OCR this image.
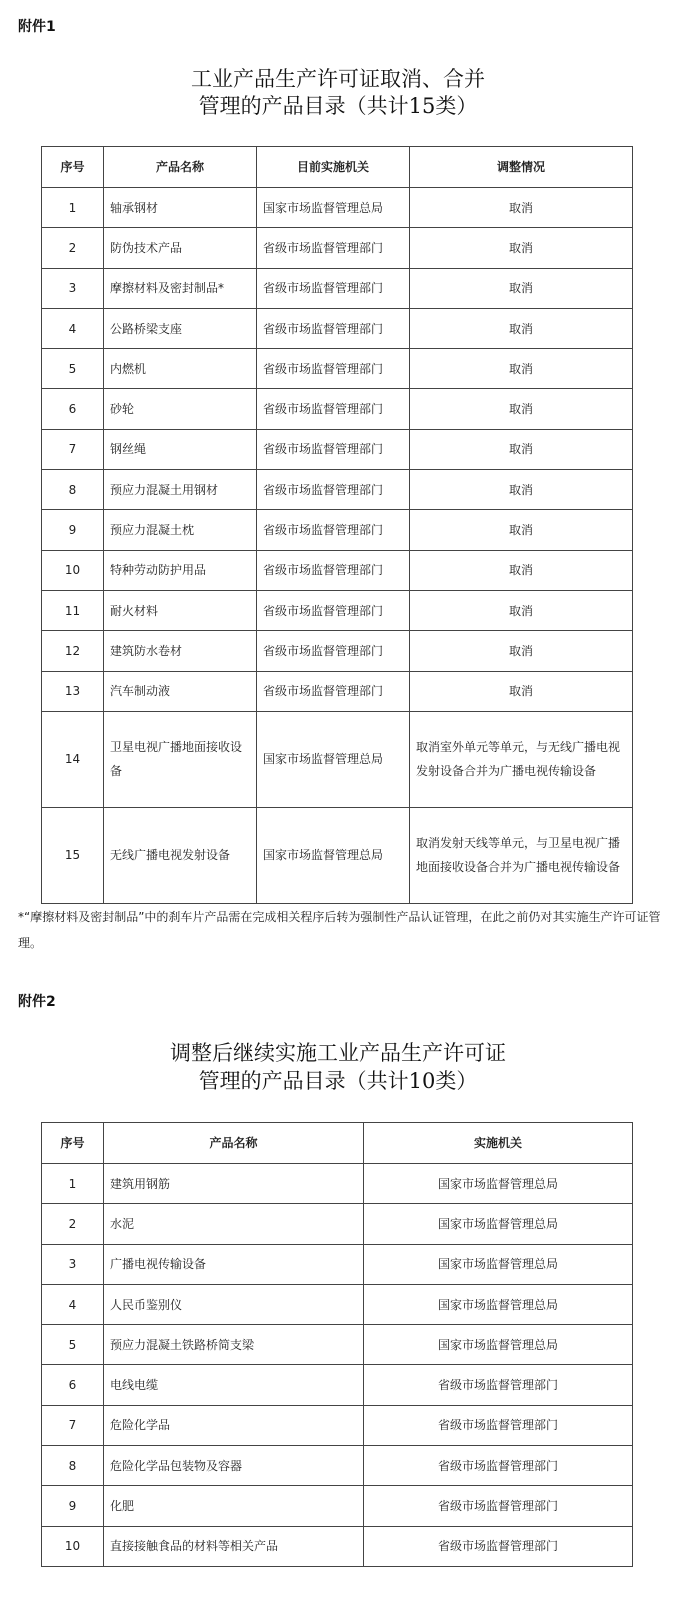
附件1
工业产品生产许可证取消、合并
管理的产品目录（共计15类）
序号	产品名称	目前实施机关	调整情况
1	轴承钢材	国家市场监督管理总局	取消
2	防伪技术产品	省级市场监督管理部门	取消
3	摩擦材料及密封制品*	省级市场监督管理部门	取消
4	公路桥梁支座	省级市场监督管理部门	取消
5	内燃机	省级市场监督管理部门	取消
6	砂轮	省级市场监督管理部门	取消
7	钢丝绳	省级市场监督管理部门	取消
8	预应力混凝土用钢材	省级市场监督管理部门	取消
9	预应力混凝土枕	省级市场监督管理部门	取消
10	特种劳动防护用品	省级市场监督管理部门	取消
11	耐火材料	省级市场监督管理部门	取消
12	建筑防水卷材	省级市场监督管理部门	取消
13	汽车制动液	省级市场监督管理部门	取消
14	卫星电视广播地面接收设备	国家市场监督管理总局	取消室外单元等单元，与无线广播电视发射设备合并为广播电视传输设备
15	无线广播电视发射设备	国家市场监督管理总局	取消发射天线等单元，与卫星电视广播地面接收设备合并为广播电视传输设备
*“摩擦材料及密封制品”中的刹车片产品需在完成相关程序后转为强制性产品认证管理，在此之前仍对其实施生产许可证管理。
附件2
调整后继续实施工业产品生产许可证
管理的产品目录（共计10类）
序号	产品名称	实施机关
1	建筑用钢筋	国家市场监督管理总局
2	水泥	国家市场监督管理总局
3	广播电视传输设备	国家市场监督管理总局
4	人民币鉴别仪	国家市场监督管理总局
5	预应力混凝土铁路桥简支梁	国家市场监督管理总局
6	电线电缆	省级市场监督管理部门
7	危险化学品	省级市场监督管理部门
8	危险化学品包装物及容器	省级市场监督管理部门
9	化肥	省级市场监督管理部门
10	直接接触食品的材料等相关产品	省级市场监督管理部门
